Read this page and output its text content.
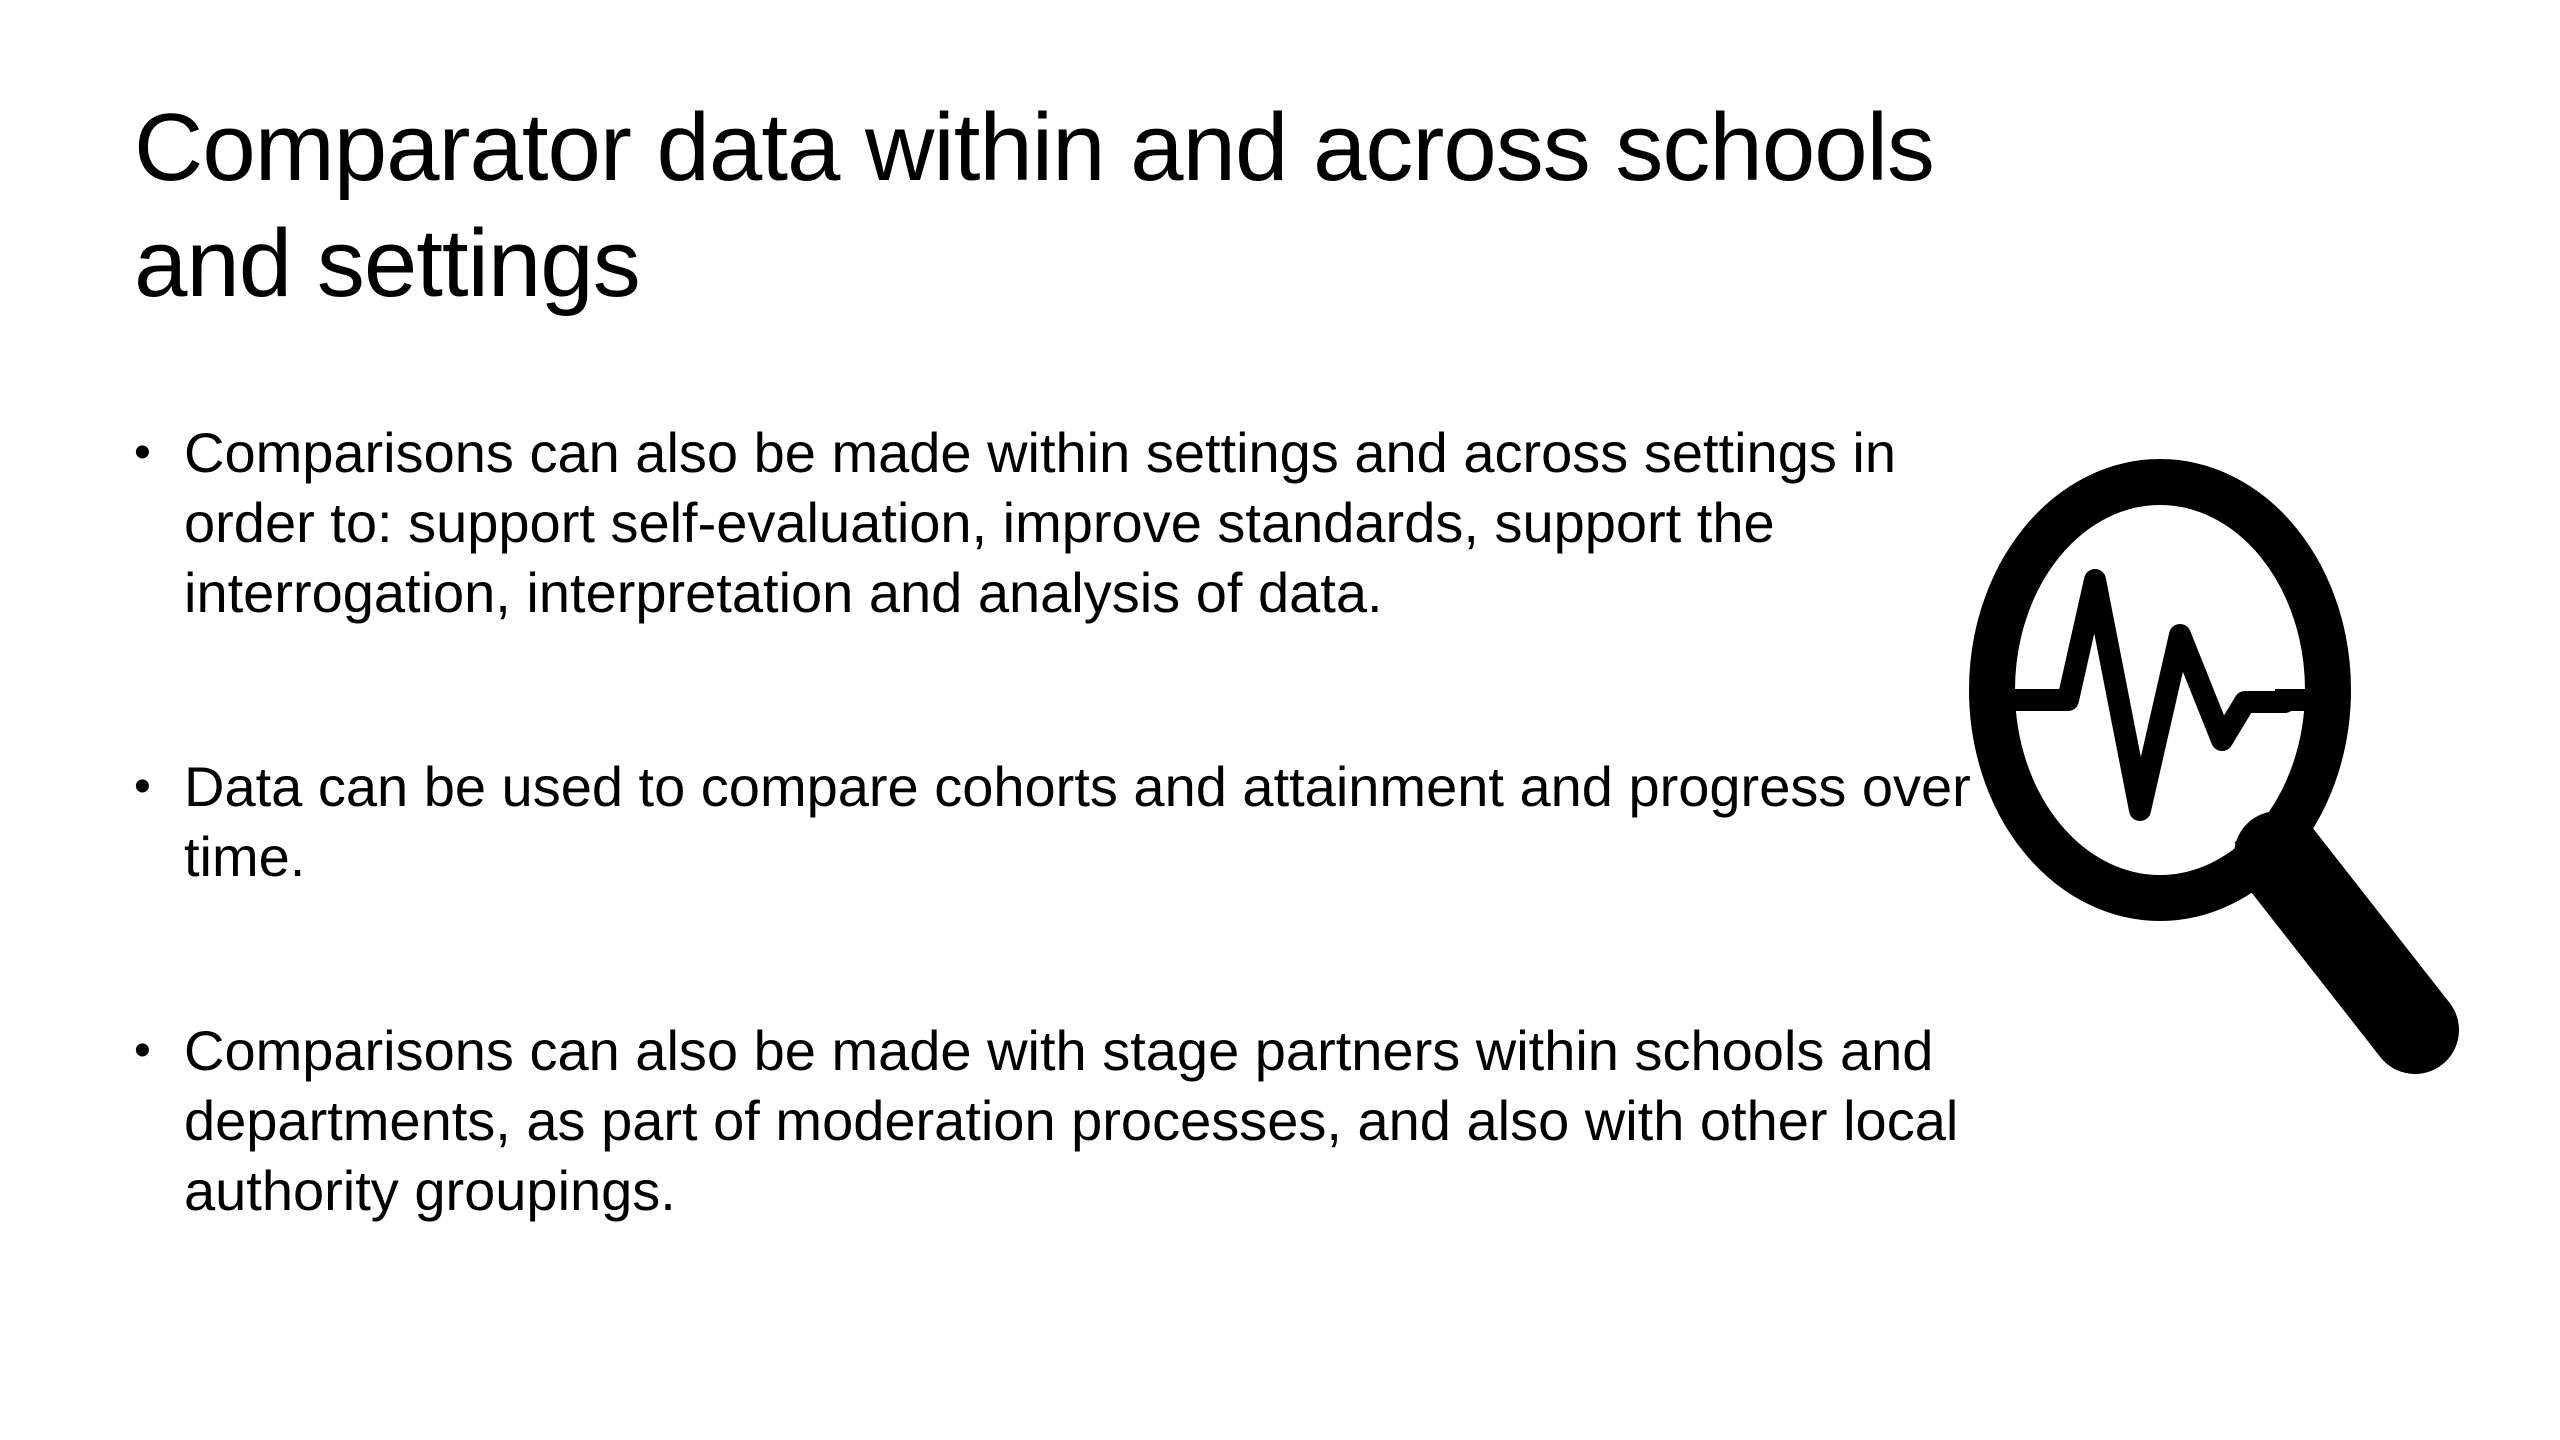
Comparator data within and across schools and settings
• Comparisons can also be made within settings and across settings in order to: support self-evaluation, improve standards, support the interrogation, interpretation and analysis of data.
• Data can be used to compare cohorts and attainment and progress over time.
• Comparisons can also be made with stage partners within schools and departments, as part of moderation processes, and also with other local authority groupings.
